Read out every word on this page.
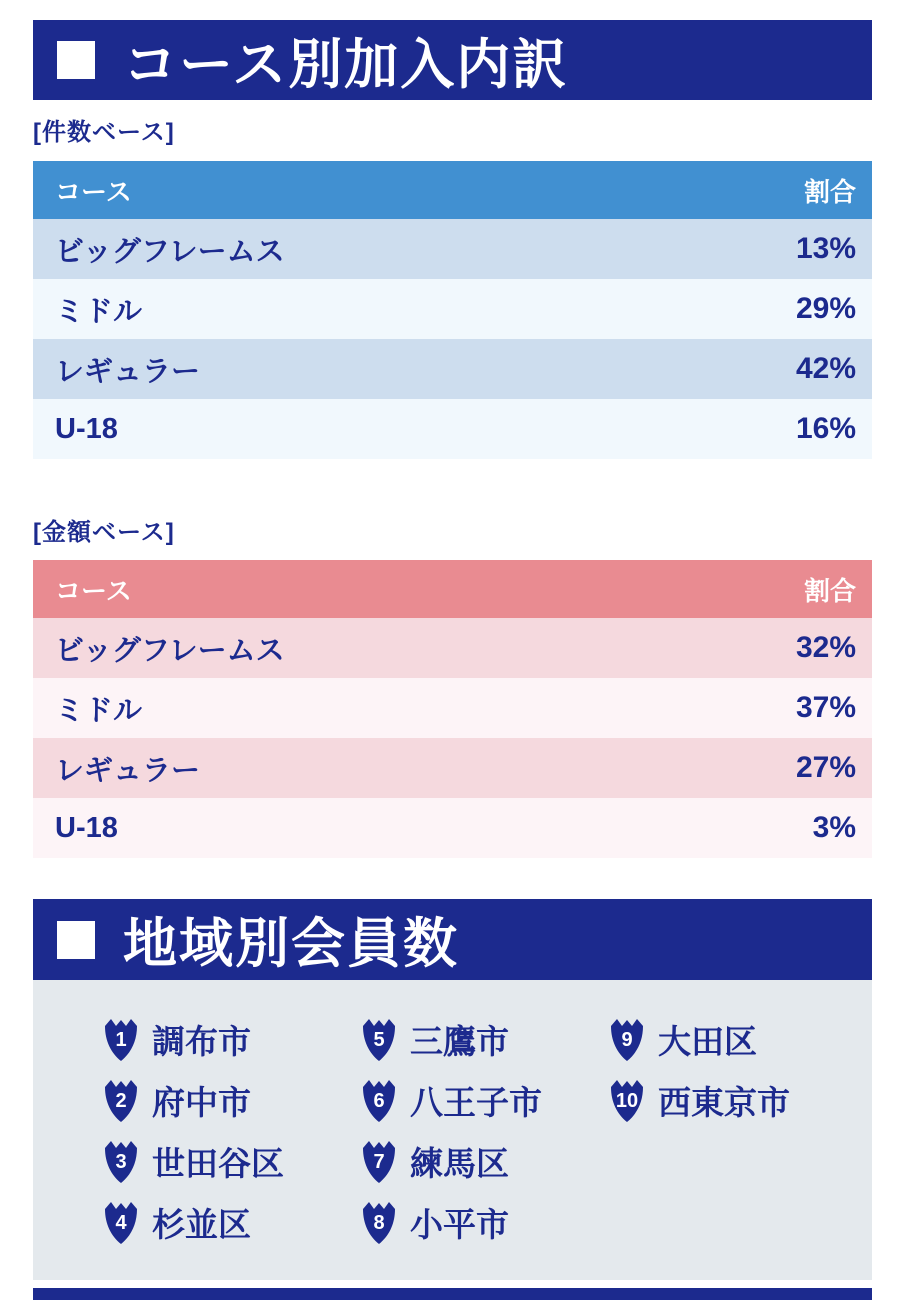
コース別加入内訳
[件数ベース]
コース	割合
ビッグフレームス	13%
ミドル	29%
レギュラー	42%
U-18	16%
[金額ベース]
コース	割合
ビッグフレームス	32%
ミドル	37%
レギュラー	27%
U-18	3%
地域別会員数
1 調布市
2 府中市
3 世田谷区
4 杉並区
5 三鷹市
6 八王子市
7 練馬区
8 小平市
9 大田区
10 西東京市
